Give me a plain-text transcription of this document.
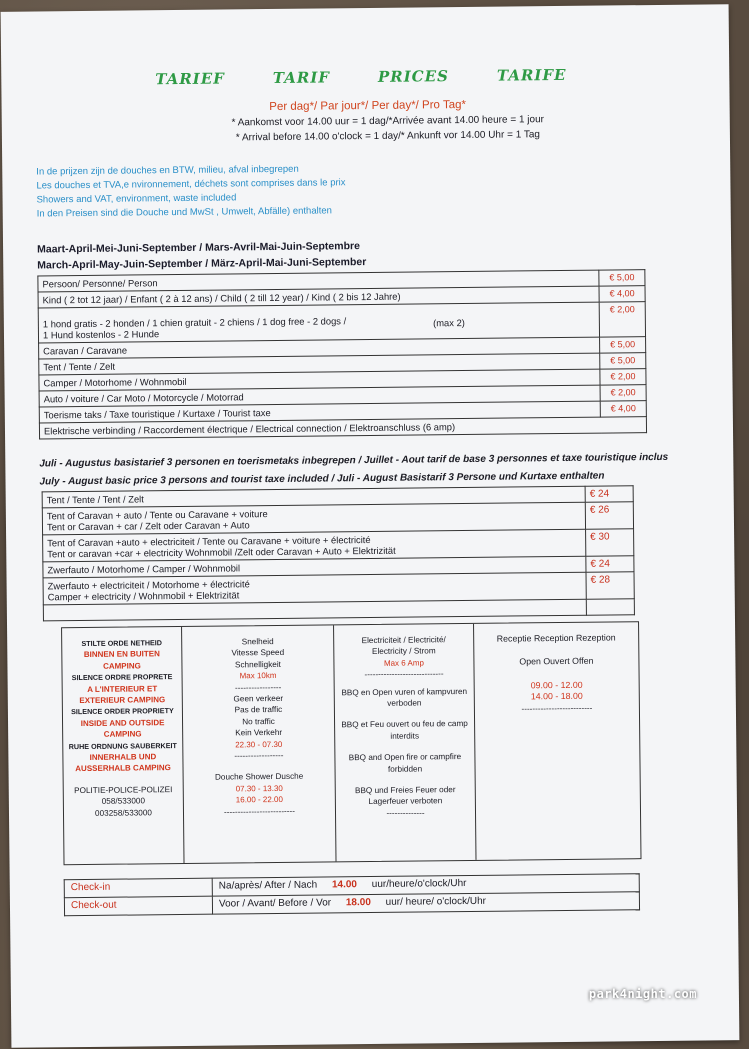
TARIEF	TARIF	PRICES	TARIFE
Per dag*/ Par jour*/ Per day*/ Pro Tag*
* Aankomst voor 14.00 uur = 1 dag/*Arrivée avant 14.00 heure = 1 jour
* Arrival before 14.00 o'clock = 1 day/* Ankunft vor 14.00 Uhr = 1 Tag
In de prijzen zijn de douches en BTW, milieu, afval inbegrepen
Les douches et TVA,e nvironnement, déchets sont comprises dans le prix
Showers and VAT, environment, waste included
In den Preisen sind die Douche und MwSt , Umwelt, Abfälle) enthalten
Maart-April-Mei-Juni-September / Mars-Avril-Mai-Juin-Septembre
March-April-May-Juin-September / März-April-Mai-Juni-September
Persoon/ Personne/ Person	€ 5,00
Kind ( 2 tot 12 jaar) / Enfant ( 2 à 12 ans) / Child ( 2 till 12 year) / Kind ( 2 bis 12 Jahre)	€ 4,00

1 hond gratis - 2 honden / 1 chien gratuit - 2 chiens / 1 dog free - 2 dogs /
1 Hund kostenlos - 2 Hunde
(max 2)	€ 2,00
Caravan / Caravane	€ 5,00
Tent / Tente / Zelt	€ 5,00
Camper / Motorhome / Wohnmobil	€ 2,00
Auto / voiture / Car Moto / Motorcycle / Motorrad	€ 2,00
Toerisme taks / Taxe touristique / Kurtaxe / Tourist taxe	€ 4,00
Elektrische verbinding / Raccordement électrique / Electrical connection / Elektroanschluss (6 amp)	
Juli - Augustus basistarief 3 personen en toerismetaks inbegrepen / Juillet - Aout tarif de base 3 personnes et taxe touristique inclus
July - August basic price 3 persons and tourist taxe included / Juli - August Basistarif 3 Persone und Kurtaxe enthalten
Tent / Tente / Tent / Zelt	€ 24

Tent of Caravan + auto / Tente ou Caravane + voiture
Tent or Caravan + car / Zelt oder Caravan + Auto	€ 26

Tent of Caravan +auto + electriciteit / Tente ou Caravane + voiture + électricité
Tent or caravan +car + electricity Wohnmobil /Zelt oder Caravan + Auto + Elektrizität	€ 30
Zwerfauto / Motorhome / Camper / Wohnmobil	€ 24

Zwerfauto + electriciteit / Motorhome + électricité
Camper + electricity / Wohnmobil + Elektrizität	€ 28

STILTE ORDE NETHEID
BINNEN EN BUITEN CAMPING
SILENCE ORDRE PROPRETE
A L'INTERIEUR ET EXTERIEUR CAMPING
SILENCE ORDER PROPRIETY
INSIDE AND OUTSIDE CAMPING
RUHE ORDNUNG SAUBERKEIT
INNERHALB UND AUSSERHALB CAMPING
POLITIE-POLICE-POLIZEI
058/533000
003258/533000
Snelheid
Vitesse Speed
Schnelligkeit
Max 10km
-----------------
Geen verkeer
Pas de traffic
No traffic
Kein Verkehr
22.30 - 07.30
------------------
Douche Shower Dusche
07.30 - 13.30
16.00 - 22.00
--------------------------
Electriciteit / Electricité/
Electricity / Strom
Max 6 Amp
-----------------------------
BBQ en Open vuren of kampvuren verboden
BBQ et Feu ouvert ou feu de camp interdits
BBQ and Open fire or campfire forbidden
BBQ und Freies Feuer oder Lagerfeuer verboten
--------------
Receptie Reception Rezeption
Open Ouvert Offen
09.00 - 12.00
14.00 - 18.00
--------------------------
Check-in	Na/après/ After / Nach 14.00 uur/heure/o'clock/Uhr
Check-out	Voor / Avant/ Before / Vor 18.00 uur/ heure/ o'clock/Uhr
park4night.com
